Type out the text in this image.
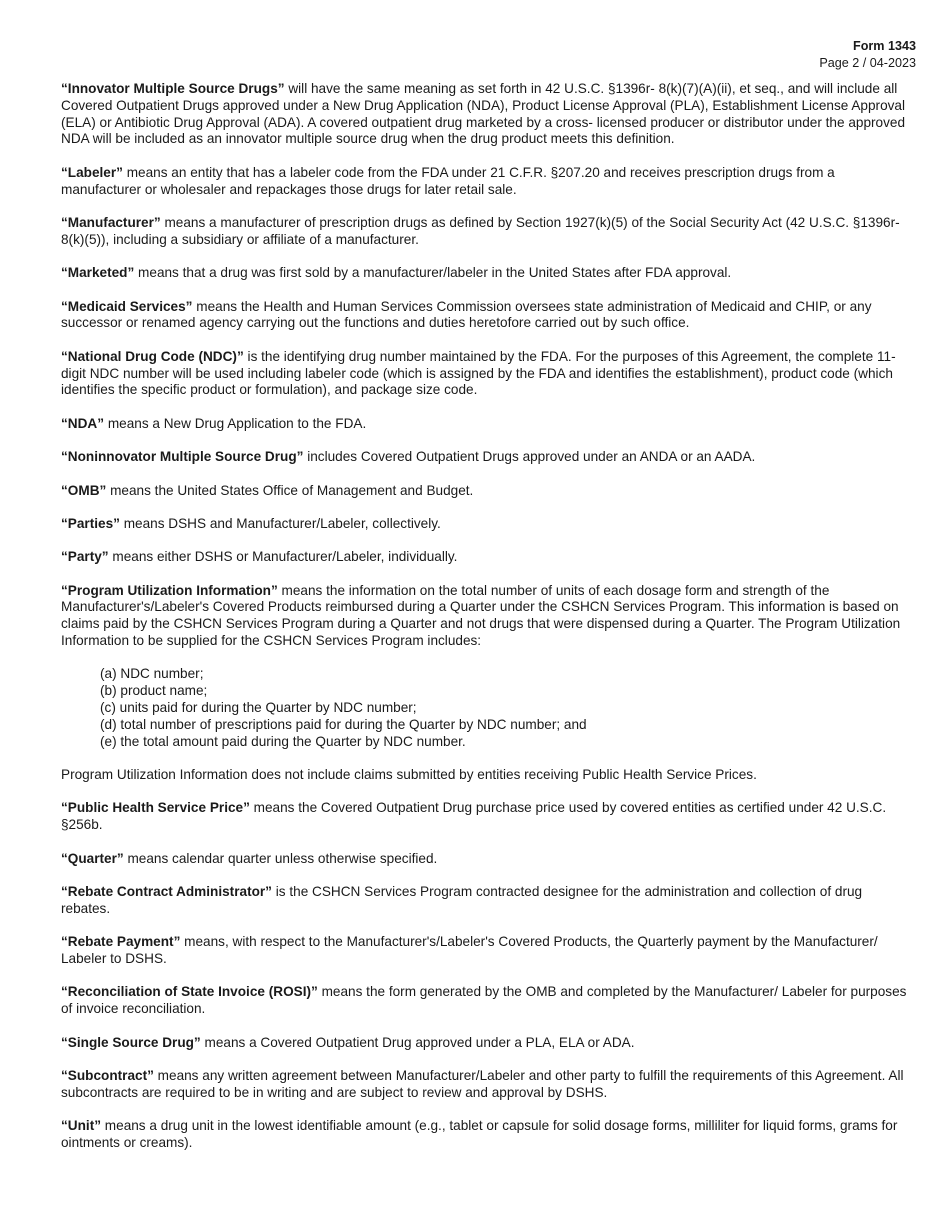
Form 1343
Page 2 / 04-2023

“Innovator Multiple Source Drugs” will have the same meaning as set forth in 42 U.S.C. §1396r- 8(k)(7)(A)(ii), et seq., and will include all Covered Outpatient Drugs approved under a New Drug Application (NDA), Product License Approval (PLA), Establishment License Approval (ELA) or Antibiotic Drug Approval (ADA). A covered outpatient drug marketed by a cross- licensed producer or distributor under the approved NDA will be included as an innovator multiple source drug when the drug product meets this definition.

“Labeler” means an entity that has a labeler code from the FDA under 21 C.F.R. §207.20 and receives prescription drugs from a manufacturer or wholesaler and repackages those drugs for later retail sale.

“Manufacturer” means a manufacturer of prescription drugs as defined by Section 1927(k)(5) of the Social Security Act (42 U.S.C. §1396r-8(k)(5)), including a subsidiary or affiliate of a manufacturer.

“Marketed” means that a drug was first sold by a manufacturer/labeler in the United States after FDA approval.

“Medicaid Services” means the Health and Human Services Commission oversees state administration of Medicaid and CHIP, or any successor or renamed agency carrying out the functions and duties heretofore carried out by such office.

“National Drug Code (NDC)” is the identifying drug number maintained by the FDA. For the purposes of this Agreement, the complete 11-digit NDC number will be used including labeler code (which is assigned by the FDA and identifies the establishment), product code (which identifies the specific product or formulation), and package size code.

“NDA” means a New Drug Application to the FDA.

“Noninnovator Multiple Source Drug” includes Covered Outpatient Drugs approved under an ANDA or an AADA.

“OMB” means the United States Office of Management and Budget.

“Parties” means DSHS and Manufacturer/Labeler, collectively.

“Party” means either DSHS or Manufacturer/Labeler, individually.

“Program Utilization Information” means the information on the total number of units of each dosage form and strength of the Manufacturer's/Labeler's Covered Products reimbursed during a Quarter under the CSHCN Services Program. This information is based on claims paid by the CSHCN Services Program during a Quarter and not drugs that were dispensed during a Quarter. The Program Utilization Information to be supplied for the CSHCN Services Program includes:

(a) NDC number;
(b) product name;
(c) units paid for during the Quarter by NDC number;
(d) total number of prescriptions paid for during the Quarter by NDC number; and
(e) the total amount paid during the Quarter by NDC number.

Program Utilization Information does not include claims submitted by entities receiving Public Health Service Prices.

“Public Health Service Price” means the Covered Outpatient Drug purchase price used by covered entities as certified under 42 U.S.C. §256b.

“Quarter” means calendar quarter unless otherwise specified.

“Rebate Contract Administrator” is the CSHCN Services Program contracted designee for the administration and collection of drug rebates.

“Rebate Payment” means, with respect to the Manufacturer's/Labeler's Covered Products, the Quarterly payment by the Manufacturer/ Labeler to DSHS.

“Reconciliation of State Invoice (ROSI)” means the form generated by the OMB and completed by the Manufacturer/ Labeler for purposes of invoice reconciliation.

“Single Source Drug” means a Covered Outpatient Drug approved under a PLA, ELA or ADA.

“Subcontract” means any written agreement between Manufacturer/Labeler and other party to fulfill the requirements of this Agreement. All subcontracts are required to be in writing and are subject to review and approval by DSHS.

“Unit” means a drug unit in the lowest identifiable amount (e.g., tablet or capsule for solid dosage forms, milliliter for liquid forms, grams for ointments or creams).
